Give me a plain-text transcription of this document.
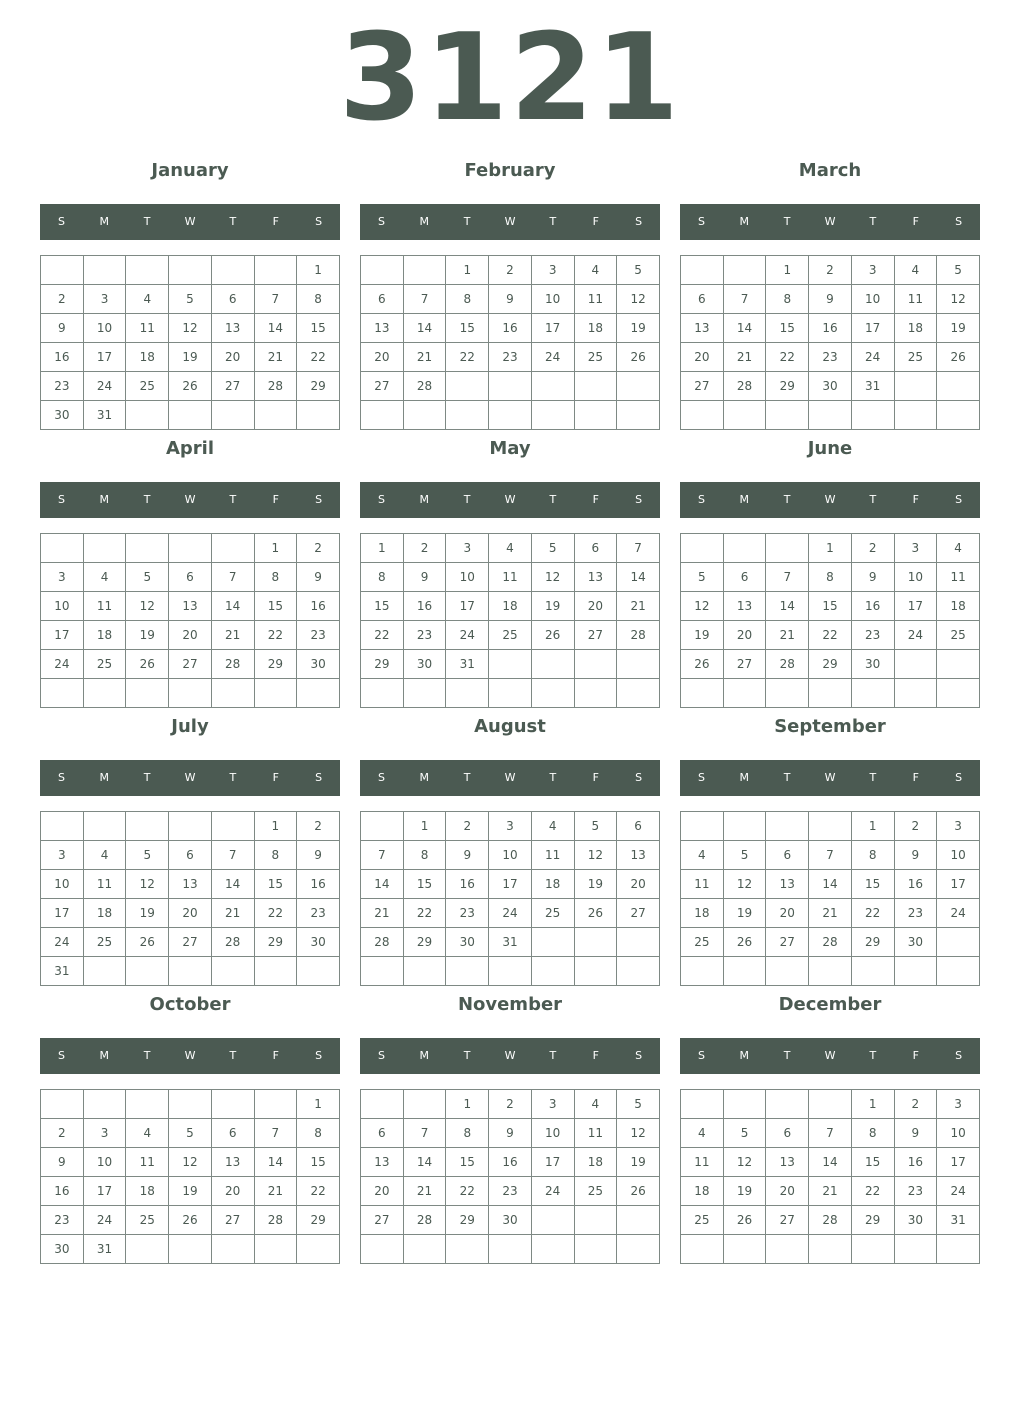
3121
January
S	M	T	W	T	F	S
						1
2	3	4	5	6	7	8
9	10	11	12	13	14	15
16	17	18	19	20	21	22
23	24	25	26	27	28	29
30	31					
February
S	M	T	W	T	F	S
		1	2	3	4	5
6	7	8	9	10	11	12
13	14	15	16	17	18	19
20	21	22	23	24	25	26
27	28					

March
S	M	T	W	T	F	S
		1	2	3	4	5
6	7	8	9	10	11	12
13	14	15	16	17	18	19
20	21	22	23	24	25	26
27	28	29	30	31		

April
S	M	T	W	T	F	S
					1	2
3	4	5	6	7	8	9
10	11	12	13	14	15	16
17	18	19	20	21	22	23
24	25	26	27	28	29	30

May
S	M	T	W	T	F	S
1	2	3	4	5	6	7
8	9	10	11	12	13	14
15	16	17	18	19	20	21
22	23	24	25	26	27	28
29	30	31				

June
S	M	T	W	T	F	S
			1	2	3	4
5	6	7	8	9	10	11
12	13	14	15	16	17	18
19	20	21	22	23	24	25
26	27	28	29	30		

July
S	M	T	W	T	F	S
					1	2
3	4	5	6	7	8	9
10	11	12	13	14	15	16
17	18	19	20	21	22	23
24	25	26	27	28	29	30
31						
August
S	M	T	W	T	F	S
	1	2	3	4	5	6
7	8	9	10	11	12	13
14	15	16	17	18	19	20
21	22	23	24	25	26	27
28	29	30	31			

September
S	M	T	W	T	F	S
				1	2	3
4	5	6	7	8	9	10
11	12	13	14	15	16	17
18	19	20	21	22	23	24
25	26	27	28	29	30	

October
S	M	T	W	T	F	S
						1
2	3	4	5	6	7	8
9	10	11	12	13	14	15
16	17	18	19	20	21	22
23	24	25	26	27	28	29
30	31					
November
S	M	T	W	T	F	S
		1	2	3	4	5
6	7	8	9	10	11	12
13	14	15	16	17	18	19
20	21	22	23	24	25	26
27	28	29	30			

December
S	M	T	W	T	F	S
				1	2	3
4	5	6	7	8	9	10
11	12	13	14	15	16	17
18	19	20	21	22	23	24
25	26	27	28	29	30	31
